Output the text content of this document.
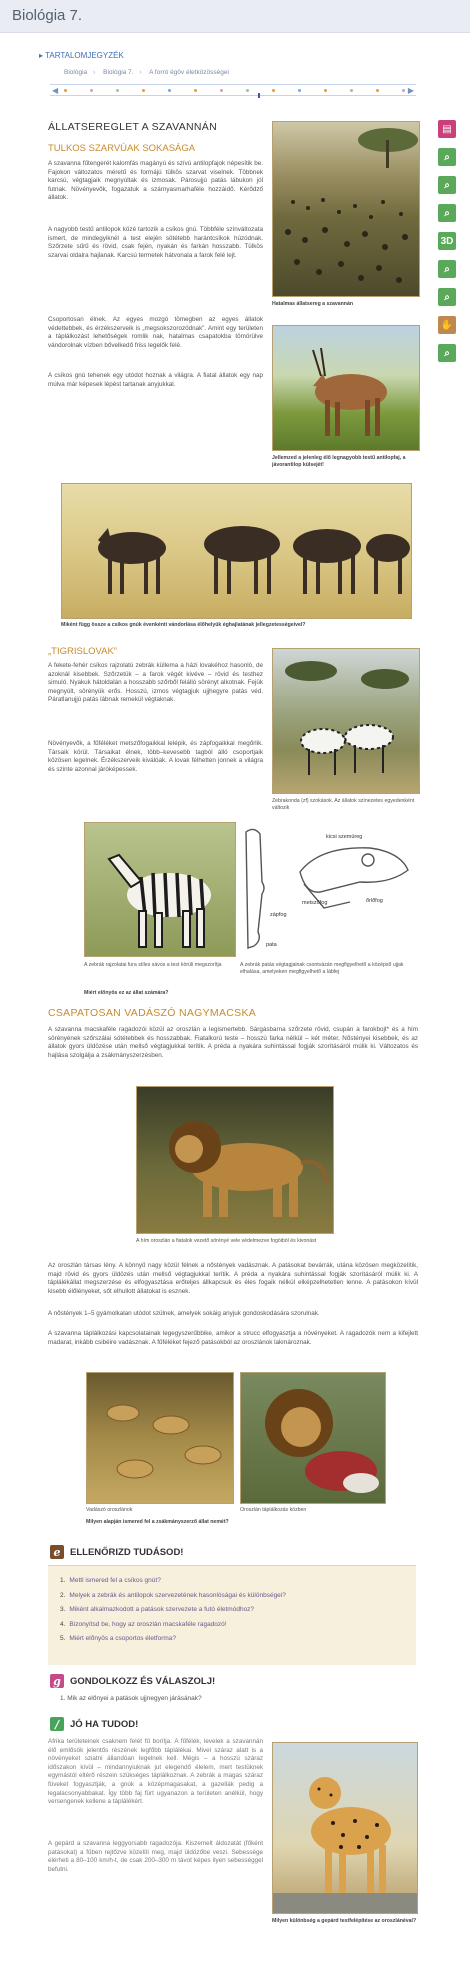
Biológia 7.
▸ TARTALOMJEGYZÉK
Biológia › Biológia 7. › A forró égöv életközösségei
◀	▶
▤
⌕
⌕
⌕
3D
⌕
⌕
✋
⌕
ÁLLATSEREGLET A SZAVANNÁN
TULKOS SZARVÚAK SOKASÁGA

A szavanna fűtengerét kalomfás magányú és szívú antilopfajok népesítik be. Fajokon változatos méretű és formájú tülkös szarvat viselnek. Többnek karcsú, végtagjaik megnyúltak és izmosak. Párosujjú patás lábukon jól futnak. Növényevők, fogazatuk a szárnyasmarhaféle hozzáidő. Kérődző állatok.

A nagyobb testű antilopok közé tartozik a csíkos gnú. Többféle színváltozata ismert, de mindegyiknél a test elején sötétebb harántcsíkok húzódnak. Szőrzete sűrű és rövid, csak fején, nyakán és farkán hosszabb. Tülkös szarvai oldalra hajlanak. Karcsú termetek hátvonala a farok felé lejt.

Csoportosan élnek. Az egyes mozgó tömegben az egyes állatok védettebbek, és érzékszerveik is „megsokszorozódnak”. Amint egy területen a táplálkozást lehetőségek romlik nak, hatalmas csapatokba tömörülve vándorolnak vízben bővelkedő friss legelők felé.

A csíkos gnú tehenek egy utódot hoznak a világra. A fiatal állatok egy nap múlva már képesek lépést tartanak anyjukkal.

Hatalmas állatsereg a szavannán
Jellemzed a jelenleg élő legnagyobb testű antilopfaj, a jávorantilop külsejét!
Miként függ össze a csíkos gnúk évenkénti vándorlása élőhelyük éghajlatának jellegzetességeivel?
„TIGRISLOVAK”

A fekete-fehér csíkos rajzolatú zebrák küllema a házi lovakéhoz hasonló, de azoknál kisebbek. Szőrzetük – a farok végét kivéve – rövid és testhez simuló. Nyakuk hátoldalán a hosszabb szőrből felálló sörényt alkotnak. Fejük megnyúlt, sörényük erős. Hosszú, izmos végtagjuk ujjhegyre patás véd. Páratlanujjú patás lábnak remekül végtaknak.

Növényevők, a fűféléket metszőfogaikkal lelépik, és zápfogaikkal megőrlik. Társaik körül. Társaikat élnek, több–kevesebb tagból álló csoportjaik közösen legelnek. Érzékszerveik kiválóak. A lovak félhetten jonnek a világra és szinte azonnal járóképessek.

Zebrakonda (zf) szokások. Az állatok színezetes egyedenként változik
kicsi szemüreg
metszőfog	őrlőfog
zápfog
pata
A zebrák rajzolatai fura stíles sávos a test körüli megszorítja	A zebrák patás végtagjainak csontvázán megfigyelhető a középső ujjak elhalása, amelyeken megfigyelhető a lábfej
Miért előnyös ez az állat számára?
CSAPATOSAN VADÁSZÓ NAGYMACSKA

A szavanna macskaféle ragadozói közül az oroszlán a legismertebb. Sárgásbarna szőrzete rövid, csupán a farokbojt* és a hím sörényének szőrszálai sötétebbek és hosszabbak. Fiatalkorú teste – hosszú farka nélkül – két méter. Nőstényei kisebbek, és az állatok gyors üldözése után mellső végtagjukkal terítik. A préda a nyakára suhintással fogják szorításáról múlik ki. Változatos és hajlása szolgálja a zsákmányszerzésben.

A hím oroszlán a fiatalok vezető sörényé vele védelmezve fogóiból és kivonást

Az oroszlán társas lény. A könnyű nagy közül félnek a nőstények vadásznak. A patásokat bevárrák, utána közösen megközelítik, majd rövid és gyors üldözés után mellső végtagjukkal terítik. A préda a nyakára suhintással fogják szorításáról múlik ki. A táplálékállat megszerzése és elfogyasztása erőteljes állkapcsuk és éles fogaik nélkül elképzelhetetlen lenne. A patásokon kívül kisebb élőlényeket, sőt elhullott állatokat is esznek.

A nőstények 1–5 gyámolkalan utódot szülnek, amelyek sokáig anyjuk gondoskodására szorulnak.

A szavanna táplálkozási kapcsolatainak legegyszerűbbike, amikor a strucc elfogyasztja a növényeket. A ragadozók nem a kifejlett madarat, inkább csibéire vadásznak. A fűféléket fejező patásokból az oroszlánok lakmároznak.

Vadászó oroszlánok	Oroszlán táplálkozás közben
Milyen alapján ismered fel a zsákmányszerző állat nemét?
e	ELLENŐRIZD TUDÁSOD!
1. Mettl ismered fel a csíkos gnút?
2. Melyek a zebrák és antilopok szervezetének hasonlóságai és különbségei?
3. Miként alkalmazkodott a patások szervezete a futó életmódhoz?
4. Bizonyítsd be, hogy az oroszlán macskaféle ragadozó!
5. Miért előnyös a csoportos életforma?
g GONDOLKOZZ ÉS VÁLASZOLJ!
1. Mik az előnyei a patások ujjnegyen járásának?
/	JÓ HA TUDOD!

Afrika területeinek csaknem felét fű borítja. A fűfélék, levelek a szavannán élő emlősök jelentős részének legfőbb táplálékai. Mivel száraz alatt is a növényeket sziatni állandóan legelnek kell. Mégis – a hosszú száraz időszakon kívül – mindannyiuknak jut elegendő élelem, mert testüknek egymástól eltérő részein szükséges táplálkoznak. A zebrák a magas száraz füveket fogyasztják, a gnúk a középmagasakat, a gazellák pedig a legalacsonyabbakat. Így több faj fürt ugyanazon a területen anélkül, hogy versengenek kellene a táplálékért.

A gepárd a szavanna leggyorsabb ragadozója. Kiszemelt áldozatát (főként patásokat) a fűben rejtőzve közelíti meg, majd üldözőbe veszi. Sebessége elérheti a 80–100 km/h-t, de csak 200–300 m távot képes ilyen sebességgel befutni.

Milyen különbség a gepárd testfelépítése az oroszlánéval?
